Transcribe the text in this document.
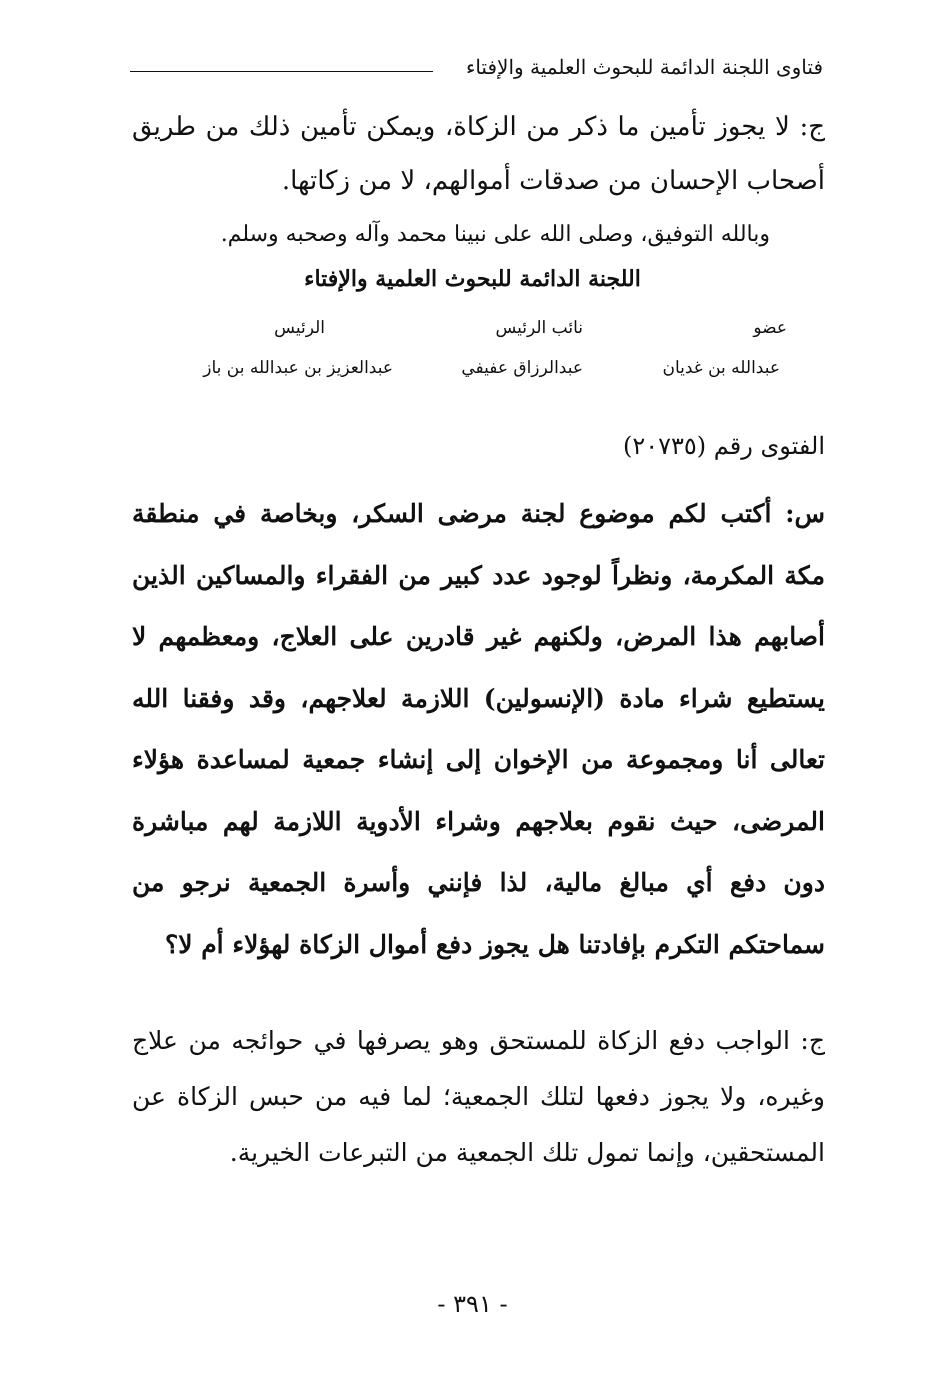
فتاوى اللجنة الدائمة للبحوث العلمية والإفتاء

ج: لا يجوز تأمين ما ذكر من الزكاة، ويمكن تأمين ذلك من طريق أصحاب الإحسان من صدقات أموالهم، لا من زكاتها.

وبالله التوفيق، وصلى الله على نبينا محمد وآله وصحبه وسلم.
اللجنة الدائمة للبحوث العلمية والإفتاء
عضو
نائب الرئيس
الرئيس
عبدالله بن غديان
عبدالرزاق عفيفي
عبدالعزيز بن عبدالله بن باز
الفتوى رقم (٢٠٧٣٥)

س: أكتب لكم موضوع لجنة مرضى السكر، وبخاصة في منطقة مكة المكرمة، ونظراً لوجود عدد كبير من الفقراء والمساكين الذين أصابهم هذا المرض، ولكنهم غير قادرين على العلاج، ومعظمهم لا يستطيع شراء مادة (الإنسولين) اللازمة لعلاجهم، وقد وفقنا الله تعالى أنا ومجموعة من الإخوان إلى إنشاء جمعية لمساعدة هؤلاء المرضى، حيث نقوم بعلاجهم وشراء الأدوية اللازمة لهم مباشرة دون دفع أي مبالغ مالية، لذا فإنني وأسرة الجمعية نرجو من سماحتكم التكرم بإفادتنا هل يجوز دفع أموال الزكاة لهؤلاء أم لا؟

ج: الواجب دفع الزكاة للمستحق وهو يصرفها في حوائجه من علاج وغيره، ولا يجوز دفعها لتلك الجمعية؛ لما فيه من حبس الزكاة عن المستحقين، وإنما تمول تلك الجمعية من التبرعات الخيرية.

- ٣٩١ -
